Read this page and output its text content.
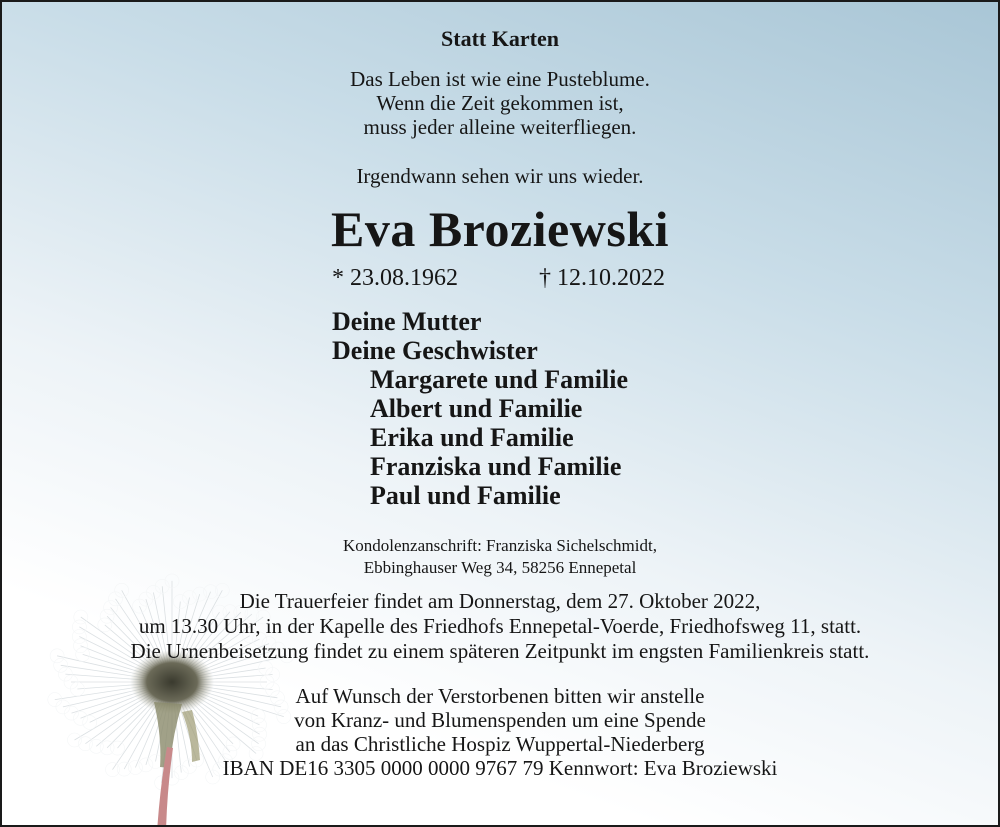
Statt Karten
Das Leben ist wie eine Pusteblume.
Wenn die Zeit gekommen ist,
muss jeder alleine weiterfliegen.
Irgendwann sehen wir uns wieder.
Eva Broziewski
* 23.08.1962	† 12.10.2022
Deine Mutter
Deine Geschwister
Margarete und Familie
Albert und Familie
Erika und Familie
Franziska und Familie
Paul und Familie
Kondolenzanschrift: Franziska Sichelschmidt,
Ebbinghauser Weg 34, 58256 Ennepetal
Die Trauerfeier findet am Donnerstag, dem 27. Oktober 2022,
um 13.30 Uhr, in der Kapelle des Friedhofs Ennepetal-Voerde, Friedhofsweg 11, statt.
Die Urnenbeisetzung findet zu einem späteren Zeitpunkt im engsten Familienkreis statt.
Auf Wunsch der Verstorbenen bitten wir anstelle
von Kranz- und Blumenspenden um eine Spende
an das Christliche Hospiz Wuppertal-Niederberg
IBAN DE16 3305 0000 0000 9767 79 Kennwort: Eva Broziewski
